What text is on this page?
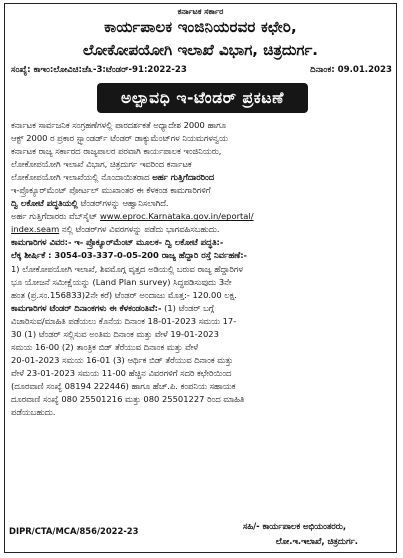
ಕರ್ನಾಟಕ ಸರ್ಕಾರ
ಕಾರ್ಯಪಾಲಕ ಇಂಜಿನಿಯರವರ ಕಛೇರಿ,
ಲೋಕೋಪಯೋಗಿ ಇಲಾಖೆ ವಿಭಾಗ, ಚಿತ್ರದುರ್ಗ.
ಸಂಖ್ಯೆ: ಕಾಇಂ:ಲೋವಿಚಿ:ಜೆ೩-3:ಟೆಂಡರ್-91:2022-23	ದಿನಾಂಕ: 09.01.2023
ಅಲ್ಪಾವಧಿ ಇ-ಟೆಂಡರ್ ಪ್ರಕಟಣೆ
ಕರ್ನಾಟಕ ಸಾರ್ವಜನಿಕ ಸಂಗ್ರಹಣೆಗಳಲ್ಲಿ ಪಾರದರ್ಶಕತೆ ಅಧ್ಯಾದೇಶ 2000 ಹಾಗೂ
ಆಕ್ಟ್ 2000 ರ ಪ್ರಕಾರ ಸ್ಟ್ಯಾಂಡರ್ಡ್ ಟೆಂಡರ್ ಡಾಕ್ಯುಮೆಂಟ್‌ಗಳ ನಿಯಮಗಳನ್ವಯ
ಕರ್ನಾಟಕ ರಾಜ್ಯ ಸರ್ಕಾರದ ರಾಜ್ಯಪಾಲರ ಪರವಾಗಿ ಕಾರ್ಯಪಾಲಕ ಇಂಜಿನಿಯರು,
ಲೋಕೋಪಯೋಗಿ ಇಲಾಖೆ ವಿಭಾಗ, ಚಿತ್ರದುರ್ಗ ಇವರಿಂದ ಕರ್ನಾಟಕ
ಲೋಕೋಪಯೋಗಿ ಇಲಾಖೆಯಲ್ಲಿ ನೊಂದಾಯಿತರಾದ ಅರ್ಹ ಗುತ್ತಿಗೆದಾರರಿಂದ
ಇ-ಪ್ರೊಕ್ಯೂರ್‌ಮೆಂಟ್ ಪೋರ್ಟಲ್ ಮುಖಾಂತರ ಈ ಕೆಳಕಂಡ ಕಾಮಗಾರಿಗಳಿಗೆ
ದ್ವಿ ಲಕೋಟೆ ಪದ್ಧತಿಯಲ್ಲಿ ಟೆಂಡರ್‌ಗಳನ್ನು ಆಹ್ವಾನಿಸಲಾಗಿದೆ.
ಅರ್ಹ ಗುತ್ತಿಗೆದಾರರು ವೆಬ್‌ಸೈಟ್ www.eproc.Karnataka.gov.in/eportal/
index.seam ನಲ್ಲಿ ಟೆಂಡರ್‌ಗಳ ವಿವರಗಳನ್ನು ಪಡೆದು ಭಾಗವಹಿಸಬಹುದು.
ಕಾಮಗಾರಿಗಳ ವಿವರ:- ಇ- ಪ್ರೊಕ್ಯೂರ್‌ಮೆಂಟ್ ಮೂಲಕ- ದ್ವಿ ಲಕೋಟೆ ಪದ್ಧತಿ:-
ಲೆಕ್ಕ ಶೀರ್ಷಿಕೆ : 3054-03-337-0-05-200 ರಾಜ್ಯ ಹೆದ್ದಾರಿ ರಸ್ತೆ ನಿರ್ವಹಣೆ:-
1) ಲೋಕೋಪಯೋಗಿ ಇಲಾಖೆ, ಶಿವಮೊಗ್ಗ ವೃತ್ತದ ಅಡಿಯಲ್ಲಿ ಬರುವ ರಾಜ್ಯ ಹೆದ್ದಾರಿಗಳ
ಭೂ ಯೋಜನೆ ಸಮೀಕ್ಷೆಯನ್ನು (Land Plan survey) ಸಿದ್ಧಪಡಿಸುವುದು 3ನೇ
ಹಂತ (ಪ್ರ.ಸಂ.156833)2ನೇ ಕರೆ) ಟೆಂಡರ್ ಅಂದಾಜು ಮೊತ್ತ:- 120.00 ಲಕ್ಷ.
ಕಾಮಗಾರಿಗಳ ಟೆಂಡರ್ ದಿನಾಂಕಗಳು ಈ ಕೆಳಕಂಡಂತಿವೆ:- (1) ಟೆಂಡರ್ ಬಗ್ಗೆ
ವಿಚಾರಿಸುವ/ಮಾಹಿತಿ ಪಡೆಯಲು ಕೊನೆಯ ದಿನಾಂಕ 18-01-2023 ಸಮಯ 17-
30 (1) ಟೆಂಡರ್ ಸಲ್ಲಿಸುವ ಅಂತಿಮ ದಿನಾಂಕ ಮತ್ತು ವೇಳೆ 19-01-2023
ಸಮಯ 16-00 (2) ತಾಂತ್ರಿಕ ಬಿಡ್ ತೆರೆಯುವ ದಿನಾಂಕ ಮತ್ತು ವೇಳೆ
20-01-2023 ಸಮಯ 16-01 (3) ಆರ್ಥಿಕ ಬಿಡ್ ತೆರೆಯುವ ದಿನಾಂಕ ಮತ್ತು
ವೇಳೆ 23-01-2023 ಸಮಯ 11-00 ಹೆಚ್ಚಿನ ವಿವರಗಳಿಗೆ ಸದರಿ ಕಛೇರಿಯಿಂದ
(ದೂರವಾಣಿ ಸಂಖ್ಯೆ 08194 222446) ಹಾಗೂ ಹೆಚ್.ಪಿ. ಕಂಪನಿಯ ಸಹಾಯಕ
ದೂರವಾಣಿ ಸಂಖ್ಯೆ 080 25501216 ಮತ್ತು 080 25501227 ರಿಂದ ಮಾಹಿತಿ
ಪಡೆಯಬಹುದು.
DIPR/CTA/MCA/856/2022-23	ಸಹಿ/- ಕಾರ್ಯಪಾಲಕ ಅಭಿಯಂತರರು,
ಲೋ.ಇ.ಇಲಾಖೆ, ಚಿತ್ರದುರ್ಗ.
